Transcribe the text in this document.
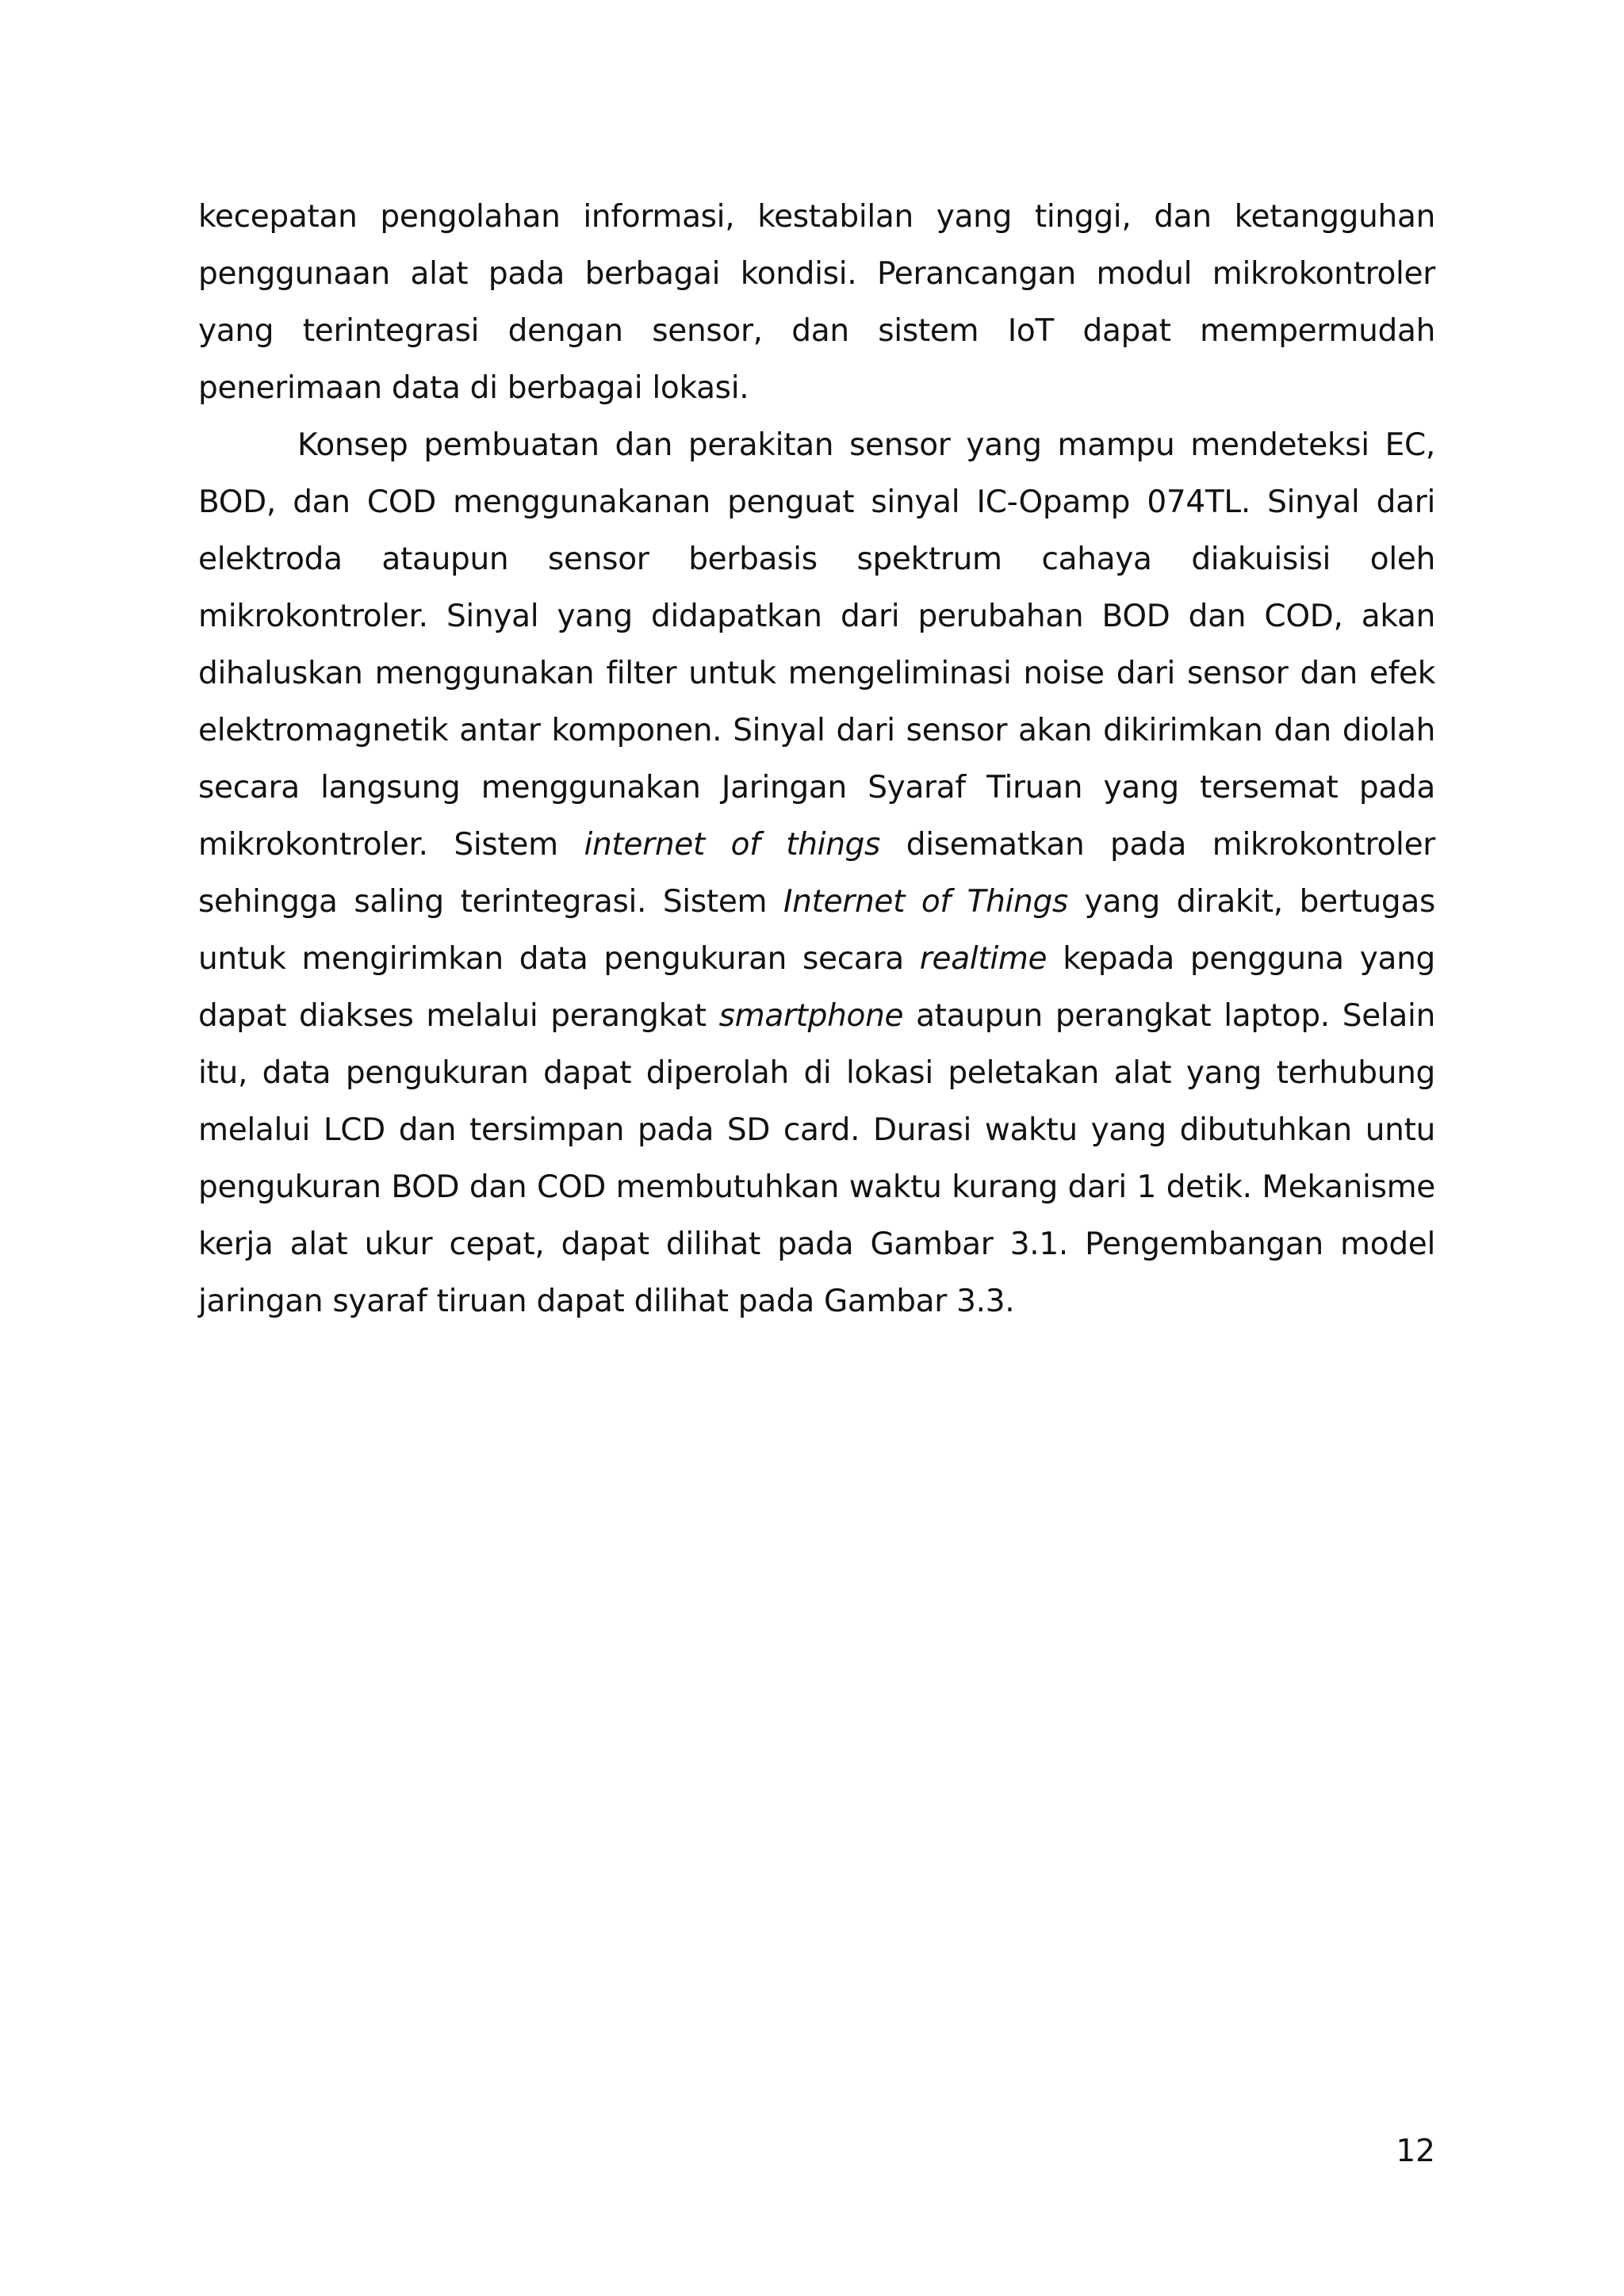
kecepatan pengolahan informasi, kestabilan yang tinggi, dan ketangguhan penggunaan alat pada berbagai kondisi. Perancangan modul mikrokontroler yang terintegrasi dengan sensor, dan sistem IoT dapat mempermudah penerimaan data di berbagai lokasi.

Konsep pembuatan dan perakitan sensor yang mampu mendeteksi EC, BOD, dan COD menggunakanan penguat sinyal IC-Opamp 074TL. Sinyal dari elektroda ataupun sensor berbasis spektrum cahaya diakuisisi oleh mikrokontroler. Sinyal yang didapatkan dari perubahan BOD dan COD, akan dihaluskan menggunakan filter untuk mengeliminasi noise dari sensor dan efek elektromagnetik antar komponen. Sinyal dari sensor akan dikirimkan dan diolah secara langsung menggunakan Jaringan Syaraf Tiruan yang tersemat pada mikrokontroler. Sistem internet of things disematkan pada mikrokontroler sehingga saling terintegrasi. Sistem Internet of Things yang dirakit, bertugas untuk mengirimkan data pengukuran secara realtime kepada pengguna yang dapat diakses melalui perangkat smartphone ataupun perangkat laptop. Selain itu, data pengukuran dapat diperolah di lokasi peletakan alat yang terhubung melalui LCD dan tersimpan pada SD card. Durasi waktu yang dibutuhkan untu pengukuran BOD dan COD membutuhkan waktu kurang dari 1 detik. Mekanisme kerja alat ukur cepat, dapat dilihat pada Gambar 3.1. Pengembangan model jaringan syaraf tiruan dapat dilihat pada Gambar 3.3.

12
